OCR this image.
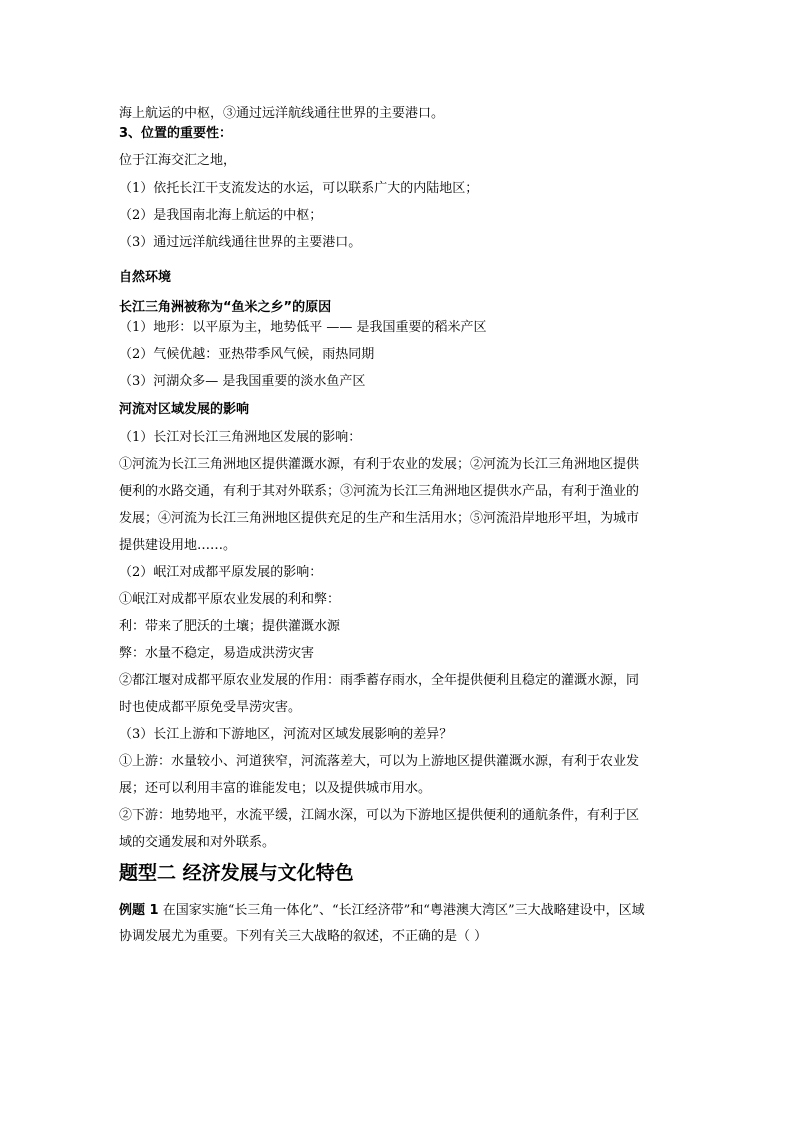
海上航运的中枢，③通过远洋航线通往世界的主要港口。
3、位置的重要性：
位于江海交汇之地，
（1）依托长江干支流发达的水运，可以联系广大的内陆地区；
（2）是我国南北海上航运的中枢；
（3）通过远洋航线通往世界的主要港口。
自然环境
长江三角洲被称为“鱼米之乡”的原因
（1）地形：以平原为主，地势低平 —— 是我国重要的稻米产区
（2）气候优越：亚热带季风气候，雨热同期
（3）河湖众多— 是我国重要的淡水鱼产区
河流对区域发展的影响
（1）长江对长江三角洲地区发展的影响：
①河流为长江三角洲地区提供灌溉水源，有利于农业的发展；②河流为长江三角洲地区提供
便利的水路交通，有利于其对外联系；③河流为长江三角洲地区提供水产品，有利于渔业的
发展；④河流为长江三角洲地区提供充足的生产和生活用水；⑤河流沿岸地形平坦，为城市
提供建设用地……。
（2）岷江对成都平原发展的影响：
①岷江对成都平原农业发展的利和弊：
利：带来了肥沃的土壤；提供灌溉水源
弊：水量不稳定，易造成洪涝灾害
②都江堰对成都平原农业发展的作用：雨季蓄存雨水，全年提供便利且稳定的灌溉水源，同
时也使成都平原免受旱涝灾害。
（3）长江上游和下游地区，河流对区域发展影响的差异？
①上游：水量较小、河道狭窄，河流落差大，可以为上游地区提供灌溉水源，有利于农业发
展；还可以利用丰富的谁能发电；以及提供城市用水。
②下游：地势地平，水流平缓，江阔水深，可以为下游地区提供便利的通航条件，有利于区
域的交通发展和对外联系。
题型二 经济发展与文化特色
例题 1 在国家实施“长三角一体化”、“长江经济带”和“粤港澳大湾区”三大战略建设中，区域
协调发展尤为重要。下列有关三大战略的叙述，不正确的是（ ）
